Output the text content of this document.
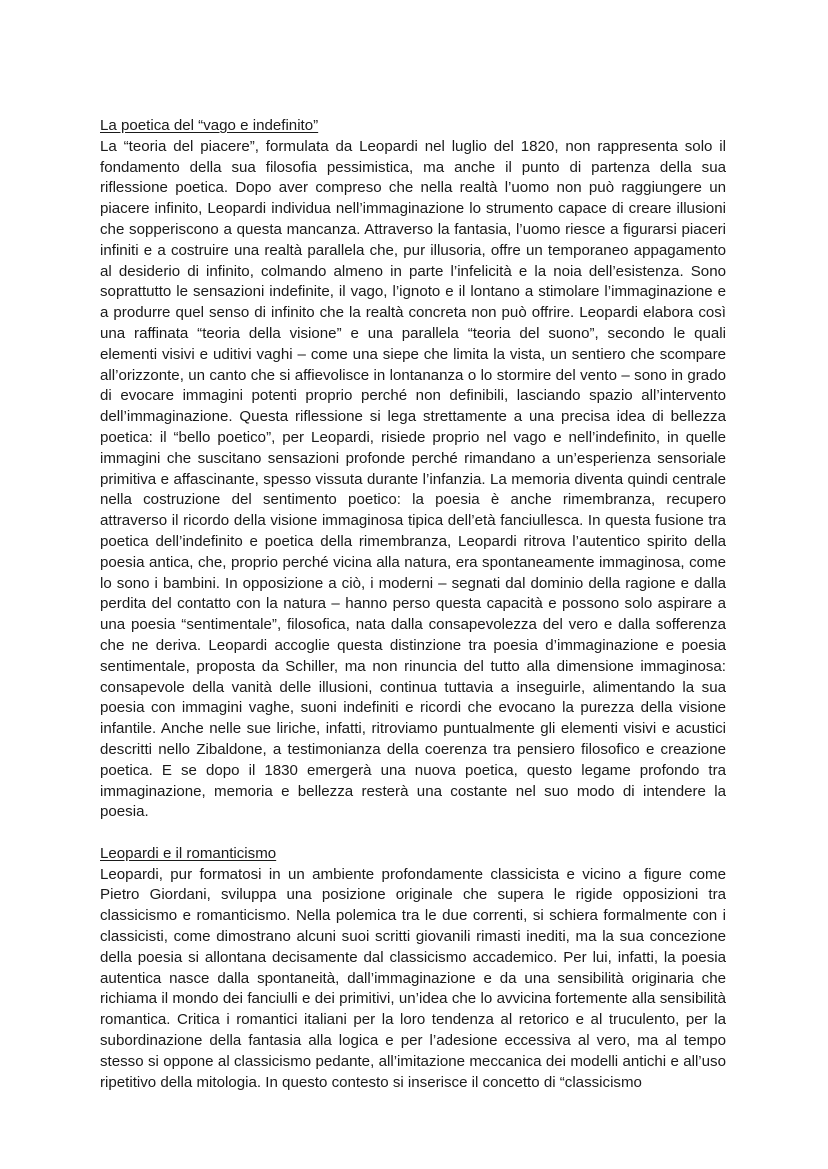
La poetica del “vago e indefinito”

La “teoria del piacere”, formulata da Leopardi nel luglio del 1820, non rappresenta solo il fondamento della sua filosofia pessimistica, ma anche il punto di partenza della sua riflessione poetica. Dopo aver compreso che nella realtà l’uomo non può raggiungere un piacere infinito, Leopardi individua nell’immaginazione lo strumento capace di creare illusioni che sopperiscono a questa mancanza. Attraverso la fantasia, l’uomo riesce a figurarsi piaceri infiniti e a costruire una realtà parallela che, pur illusoria, offre un temporaneo appagamento al desiderio di infinito, colmando almeno in parte l’infelicità e la noia dell’esistenza. Sono soprattutto le sensazioni indefinite, il vago, l’ignoto e il lontano a stimolare l’immaginazione e a produrre quel senso di infinito che la realtà concreta non può offrire. Leopardi elabora così una raffinata “teoria della visione” e una parallela “teoria del suono”, secondo le quali elementi visivi e uditivi vaghi – come una siepe che limita la vista, un sentiero che scompare all’orizzonte, un canto che si affievolisce in lontananza o lo stormire del vento – sono in grado di evocare immagini potenti proprio perché non definibili, lasciando spazio all’intervento dell’immaginazione. Questa riflessione si lega strettamente a una precisa idea di bellezza poetica: il “bello poetico”, per Leopardi, risiede proprio nel vago e nell’indefinito, in quelle immagini che suscitano sensazioni profonde perché rimandano a un’esperienza sensoriale primitiva e affascinante, spesso vissuta durante l’infanzia. La memoria diventa quindi centrale nella costruzione del sentimento poetico: la poesia è anche rimembranza, recupero attraverso il ricordo della visione immaginosa tipica dell’età fanciullesca. In questa fusione tra poetica dell’indefinito e poetica della rimembranza, Leopardi ritrova l’autentico spirito della poesia antica, che, proprio perché vicina alla natura, era spontaneamente immaginosa, come lo sono i bambini. In opposizione a ciò, i moderni – segnati dal dominio della ragione e dalla perdita del contatto con la natura – hanno perso questa capacità e possono solo aspirare a una poesia “sentimentale”, filosofica, nata dalla consapevolezza del vero e dalla sofferenza che ne deriva. Leopardi accoglie questa distinzione tra poesia d’immaginazione e poesia sentimentale, proposta da Schiller, ma non rinuncia del tutto alla dimensione immaginosa: consapevole della vanità delle illusioni, continua tuttavia a inseguirle, alimentando la sua poesia con immagini vaghe, suoni indefiniti e ricordi che evocano la purezza della visione infantile. Anche nelle sue liriche, infatti, ritroviamo puntualmente gli elementi visivi e acustici descritti nello Zibaldone, a testimonianza della coerenza tra pensiero filosofico e creazione poetica. E se dopo il 1830 emergerà una nuova poetica, questo legame profondo tra immaginazione, memoria e bellezza resterà una costante nel suo modo di intendere la poesia.

Leopardi e il romanticismo

Leopardi, pur formatosi in un ambiente profondamente classicista e vicino a figure come Pietro Giordani, sviluppa una posizione originale che supera le rigide opposizioni tra classicismo e romanticismo. Nella polemica tra le due correnti, si schiera formalmente con i classicisti, come dimostrano alcuni suoi scritti giovanili rimasti inediti, ma la sua concezione della poesia si allontana decisamente dal classicismo accademico. Per lui, infatti, la poesia autentica nasce dalla spontaneità, dall’immaginazione e da una sensibilità originaria che richiama il mondo dei fanciulli e dei primitivi, un’idea che lo avvicina fortemente alla sensibilità romantica. Critica i romantici italiani per la loro tendenza al retorico e al truculento, per la subordinazione della fantasia alla logica e per l’adesione eccessiva al vero, ma al tempo stesso si oppone al classicismo pedante, all’imitazione meccanica dei modelli antichi e all’uso ripetitivo della mitologia. In questo contesto si inserisce il concetto di “classicismo
